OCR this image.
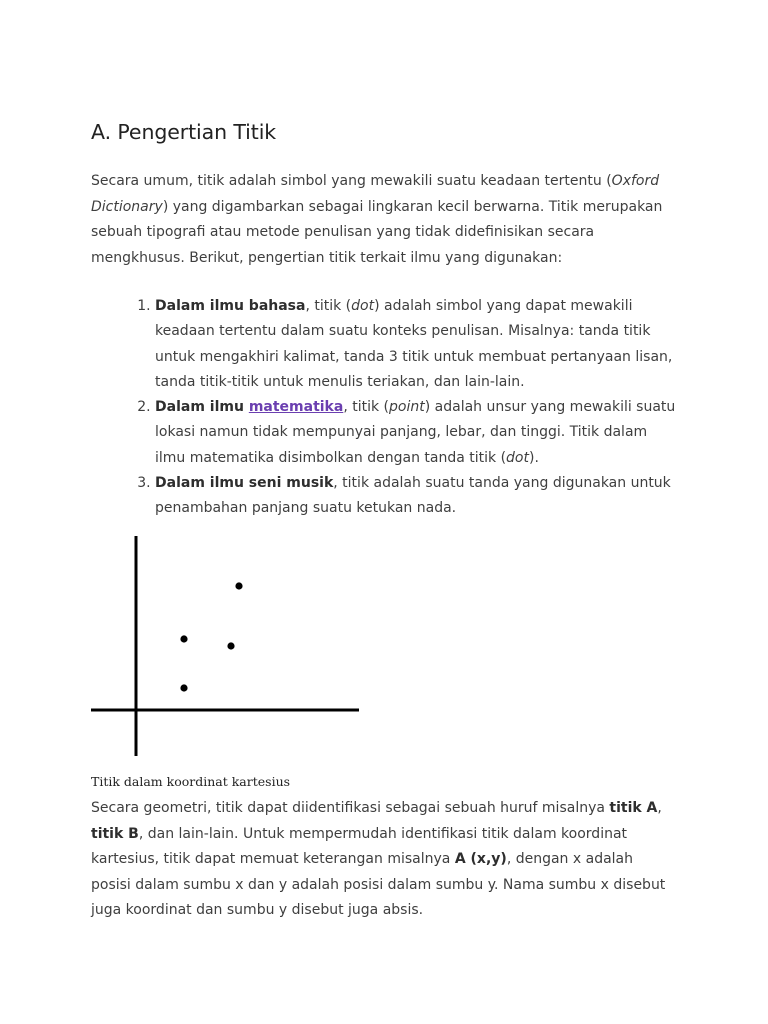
A. Pengertian Titik

Secara umum, titik adalah simbol yang mewakili suatu keadaan tertentu (Oxford Dictionary) yang digambarkan sebagai lingkaran kecil berwarna. Titik merupakan sebuah tipografi atau metode penulisan yang tidak didefinisikan secara mengkhusus. Berikut, pengertian titik terkait ilmu yang digunakan:

1. Dalam ilmu bahasa, titik (dot) adalah simbol yang dapat mewakili keadaan tertentu dalam suatu konteks penulisan. Misalnya: tanda titik untuk mengakhiri kalimat, tanda 3 titik untuk membuat pertanyaan lisan, tanda titik-titik untuk menulis teriakan, dan lain-lain.
2. Dalam ilmu matematika, titik (point) adalah unsur yang mewakili suatu lokasi namun tidak mempunyai panjang, lebar, dan tinggi. Titik dalam ilmu matematika disimbolkan dengan tanda titik (dot).
3. Dalam ilmu seni musik, titik adalah suatu tanda yang digunakan untuk penambahan panjang suatu ketukan nada.

Titik dalam koordinat kartesius

Secara geometri, titik dapat diidentifikasi sebagai sebuah huruf misalnya titik A, titik B, dan lain-lain. Untuk mempermudah identifikasi titik dalam koordinat kartesius, titik dapat memuat keterangan misalnya A (x,y), dengan x adalah posisi dalam sumbu x dan y adalah posisi dalam sumbu y. Nama sumbu x disebut juga koordinat dan sumbu y disebut juga absis.
